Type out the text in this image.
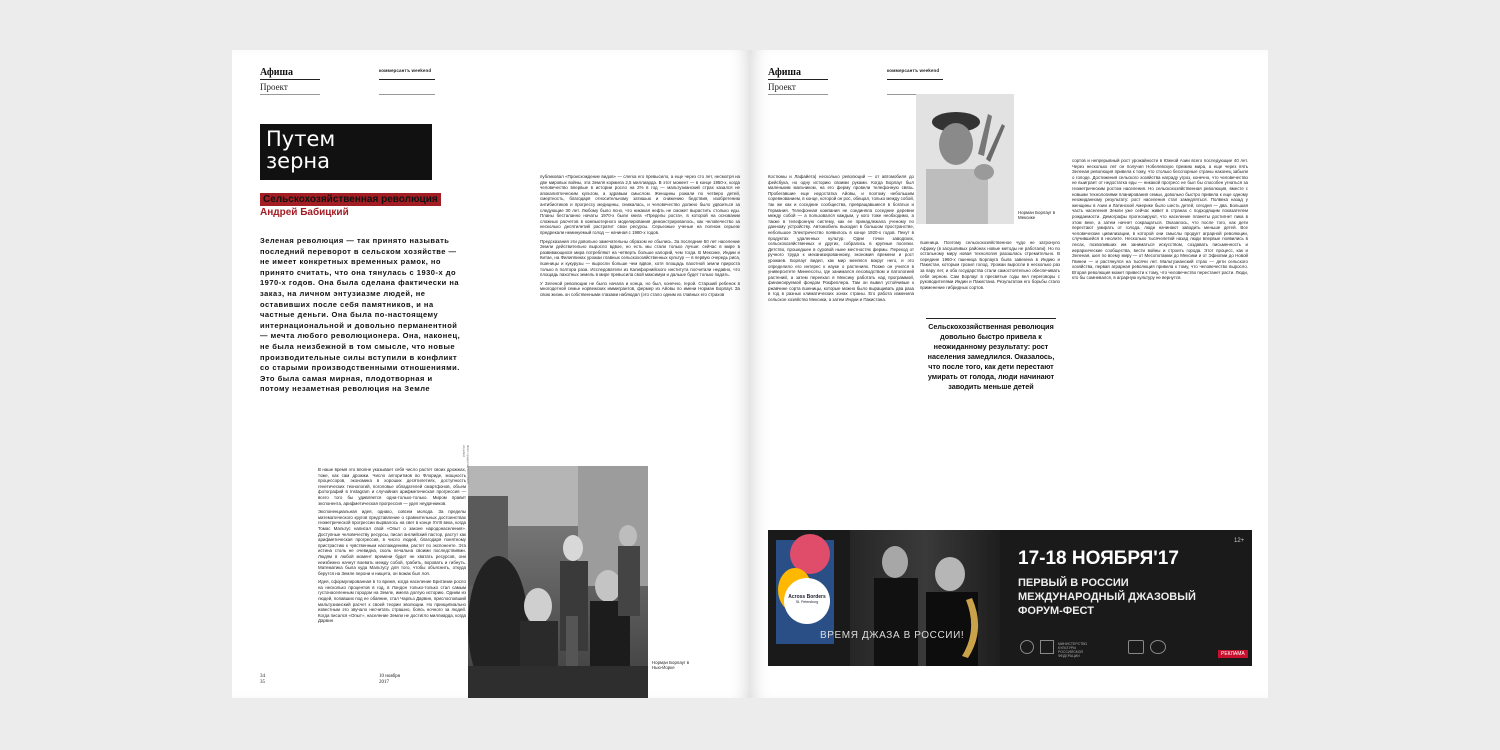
Афиша	коммерсантъ weekend
Проект
Путем
зерна
Сельскохозяйственная революция
Андрей Бабицкий
Зеленая революция — так принято называть последний переворот в сельском хозяйстве — не имеет конкретных временных рамок, но принято считать, что она тянулась с 1930-х до 1970-х годов. Она была сделана фактически на заказ, на личном энтузиазме людей, не оставивших после себя памятников, и на частные деньги. Она была по-настоящему интернациональной и довольно перманентной — мечта любого революционера. Она, наконец, не была неизбежной в том смысле, что новые производительные силы вступили в конфликт со старыми производственными отношениями. Это была самая мирная, плодотворная и потому незаметная революция на Земле

публиковал «Происхождение видов» — слегка его превысило, а еще через сто лет, несмотря на две мировых войны, эта Земля кормила 2,5 миллиарда. В этот момент — в конце 1950-х, когда человечество впервые в истории росло на 2% в год — мальтузианский страх казался не апокалиптическим культом, а здравым смыслом. Женщины рожали по четверо детей, смертность, благодаря относительному затишью и снижению бедствия, изобретению антибиотиков и прогрессу медицины, снижалась, и человечество должно было удвоиться за следующие 30 лет. Любому было ясно, что никакая нефть не сможет вырастить столько еды. Планы бесталанно начаты 1970-х были книга «Пределы роста», в которой на основании сложных расчетов в компьютерного моделирования демонстрировалось, как человечество за несколько десятилетий растратит свои ресурсы. Серьезные ученые на полном серьезе предрекали неминуемый голод — начиная с 1980-х годов.

Предсказания эти довольно замечательны образом не сбылись. За последние 50 лет население Земли действительно выросло вдвое, но есть мы стали только лучше: сейчас в мире в развивающихся мира потребляют на четверть больше калорий, чем тогда. В Мексике, Индии и Китае, на Филиппинах урожаи главных сельскохозяйственных культур — в первую очередь риса, пшеницы и кукурузы — выросли больше чем вдвое, хотя площадь пахотной земли прироста только в полтора раза. Исследователи из Калифорнийского института посчитали недавно, что площадь пахотных земель в мире превысила свой максимум и дальше будет только падать.

У Зеленой революции не было начала и конца, но был, конечно, герой. Старший ребенок в многодетной семье норвежских иммигрантов, фермер из Айовы по имени Норман Борлауг. За свою жизнь он собственными глазами наблюдал (это стало одним из главных его страхов

В наше время это вполне указывает себя число растет своих дрожжах, тоже, как сам дрожжи. Число алгоритмов во Флориде, мощность процессоров, экономика в хороших десятилетиях, доступность генетических технологий, поголовье обладателей смартфонов, объем фотографий в Instagram и случайная арифметическая прогрессия — всего того бы удивляется одна-только-только. Миром правит экспонента, арифметическая прогрессия — удел неудачников.

Экспоненциальная идея, однако, совсем молода. За пределы математического кругов представление о сравнительных достоинствах геометрической прогрессии вырвалось на свет в конце XVIII века, когда Томас Мальтус написал свой «Опыт о законе народонаселения». Доступные человечеству ресурсы, писал английский пастор, растут как арифметическая прогрессия, в число людей, благодаря понятному пристрастию к чувственным наслаждениям, растет по экспоненте. Эта истина столь не очевидна, сколь печальна своими последствиями. Людям в любой момент времени будет не хватать ресурсов, они неизбежно начнут воевать между собой, грабить, воровать и гибнуть. Математика была куда Мальтусу для того, чтобы объяснить, откуда берутся на Земле перони и нищета, он вожак был лоп.

Идея, сформулированная в то время, когда население Британии росло на несколько процентов в год, в Лондон только-только стал самым густонаселенным городом на Земле, имела долгую историю. Одним из людей, попавших под ее обаяние, стал Чарльз Дарвин, прислосповший мальтузианский расчет к своей теории эволюции. Но принципиально известным это звучало несчитать страшно, боясь ночного за людей. Когда писался «Опыт», население Земли не достигло миллиарда, когда Дарвин

Норман Борлауг в Нью-Йорке
Фото: предоставлено пресс-службой
34
35
10 ноября
2017
Афиша	коммерсантъ weekend
Проект
Норман Борлауг в Мексике

Костюмы и Лафайета) несколько революций — от автомобиля до фейсбука, но одну историю своими руками. Когда Борлауг был маленьким мальчиком, на его ферму провели телефонную связь. Пробегавшие еще недостатка Айовы, и поэтому небольшим соревнованием, в конце, которой он рос, обещал, только между собой, так же как и соседние сообщества, превращавшиеся в богатых и Германия. Телефонная компания не соединяла соседние деревни между собой — а пользовался каждым, у кого тоже необходимо, а также в телефонную систему, как ее принадлежала ученому по данному устройству. Автомобиль выходил в большом пространстве, небольшое Электричество появилось в конце 1920-х годов. Пекут в продуктах удаленных культур. Одни точки заводских, сельскохозяйственных и других, собрались в крупные поселки. Детство, прошедшее в суровой ныне местностях фермы. Переход от ручного труда к механизированному, экономия времени и рост урожаев. Борлауг видел, как мир менялся вокруг него, и это определило его интерес к науке о растениях. Позже он учился в университете Миннесоты, где занимался лесоводством и патологией растений, а затем переехал в Мексику работать над программой, финансируемой фондом Рокфеллера. Там он вывел устойчивые к ржавчине сорта пшеницы, которые можно было выращивать два раза в год в разных климатических зонах страны. Его работа изменила сельское хозяйство Мексики, а затем Индии и Пакистана.

пшеница. Поэтому сельскохозяйственное чудо не затронуло Африку (в засушливых районах новые методы не работали). Но по остальному миру новая технология разошлась стремительно. В середине 1960-х пшеница Борлауга была завезена в Индию и Пакистан, которым грозил голод. Урожаи выросли в несколько раз за пару лет, и оба государства стали самостоятельно обеспечивать себя зерном. Сам Борлауг в пресвятые годы вел переговоры с руководителями Индии и Пакистана. Результатом его борьбы стало применение гибридных сортов.

Сельскохозяйственная революция довольно быстро привела к неожиданному результату: рост населения замедлился. Оказалось, что после того, как дети перестают умирать от голода, люди начинают заводить меньше детей

сортов и непрерывный рост урожайности в Южной Азии всего последующие 40 лет. Через несколько лет он получил Нобелевскую премию мира, а еще через пять Зеленая революция привела к тому, что столько бесспорные страны наконец забыли о голоде. Достижения сельского хозяйства награду угроз, конечно, что человечество не выиграет от недостатка еды — никакой прогресс не был бы способен угнаться за геометрическим ростом населения. Но сельскохозяйственная революция, вместе с новыми технологиями планирования семьи, довольно быстро привела к еще одному неожиданному результату: рост населения стал замедляться. Полвека назад у женщины в Азии и Латинской Америке было шесть детей, сегодня — два. Большая часть населения Земли уже сейчас живет в странах с подходящим показателем рождаемости. Демографы прогнозируют, что население планеты достигнет пика в этом веке, а затем начнет сокращаться. Оказалось, что после того, как дети перестают умирать от голода, люди начинают заводить меньше детей. Все человеческие цивилизации, в которой они смыслы продукт аграрной революции, случившейся в неолите. Несколько тысячелетий назад люди впервые появились в лесах, позволивших им заниматься искусством, создавать письменность и иерархические сообщества, вести войны и строить города. Этот процесс, как и Зеленая, шел по всему миру — от Месопотамии до Мексики и от Эфиопии до Новой Гвинеи — и растянулся на тысячи лет. Мальтузианский страх — дети сельского хозяйства, первая аграрная революция привела к тому, что человечество выросло. Вторая революция может привести к тому, что человечество перестанет расти. Люди, кто бы сомневался, в аграрную культуру не вернутся.

Across Borders
St. Petersburg
ВРЕМЯ ДЖАЗА В РОССИИ!
17-18 НОЯБРЯ'17
12+
ПЕРВЫЙ В РОССИИ
МЕЖДУНАРОДНЫЙ ДЖАЗОВЫЙ
ФОРУМ-ФЕСТ
МИНИСТЕРСТВО КУЛЬТУРЫ РОССИЙСКОЙ ФЕДЕРАЦИИ	РЕКЛАМА
